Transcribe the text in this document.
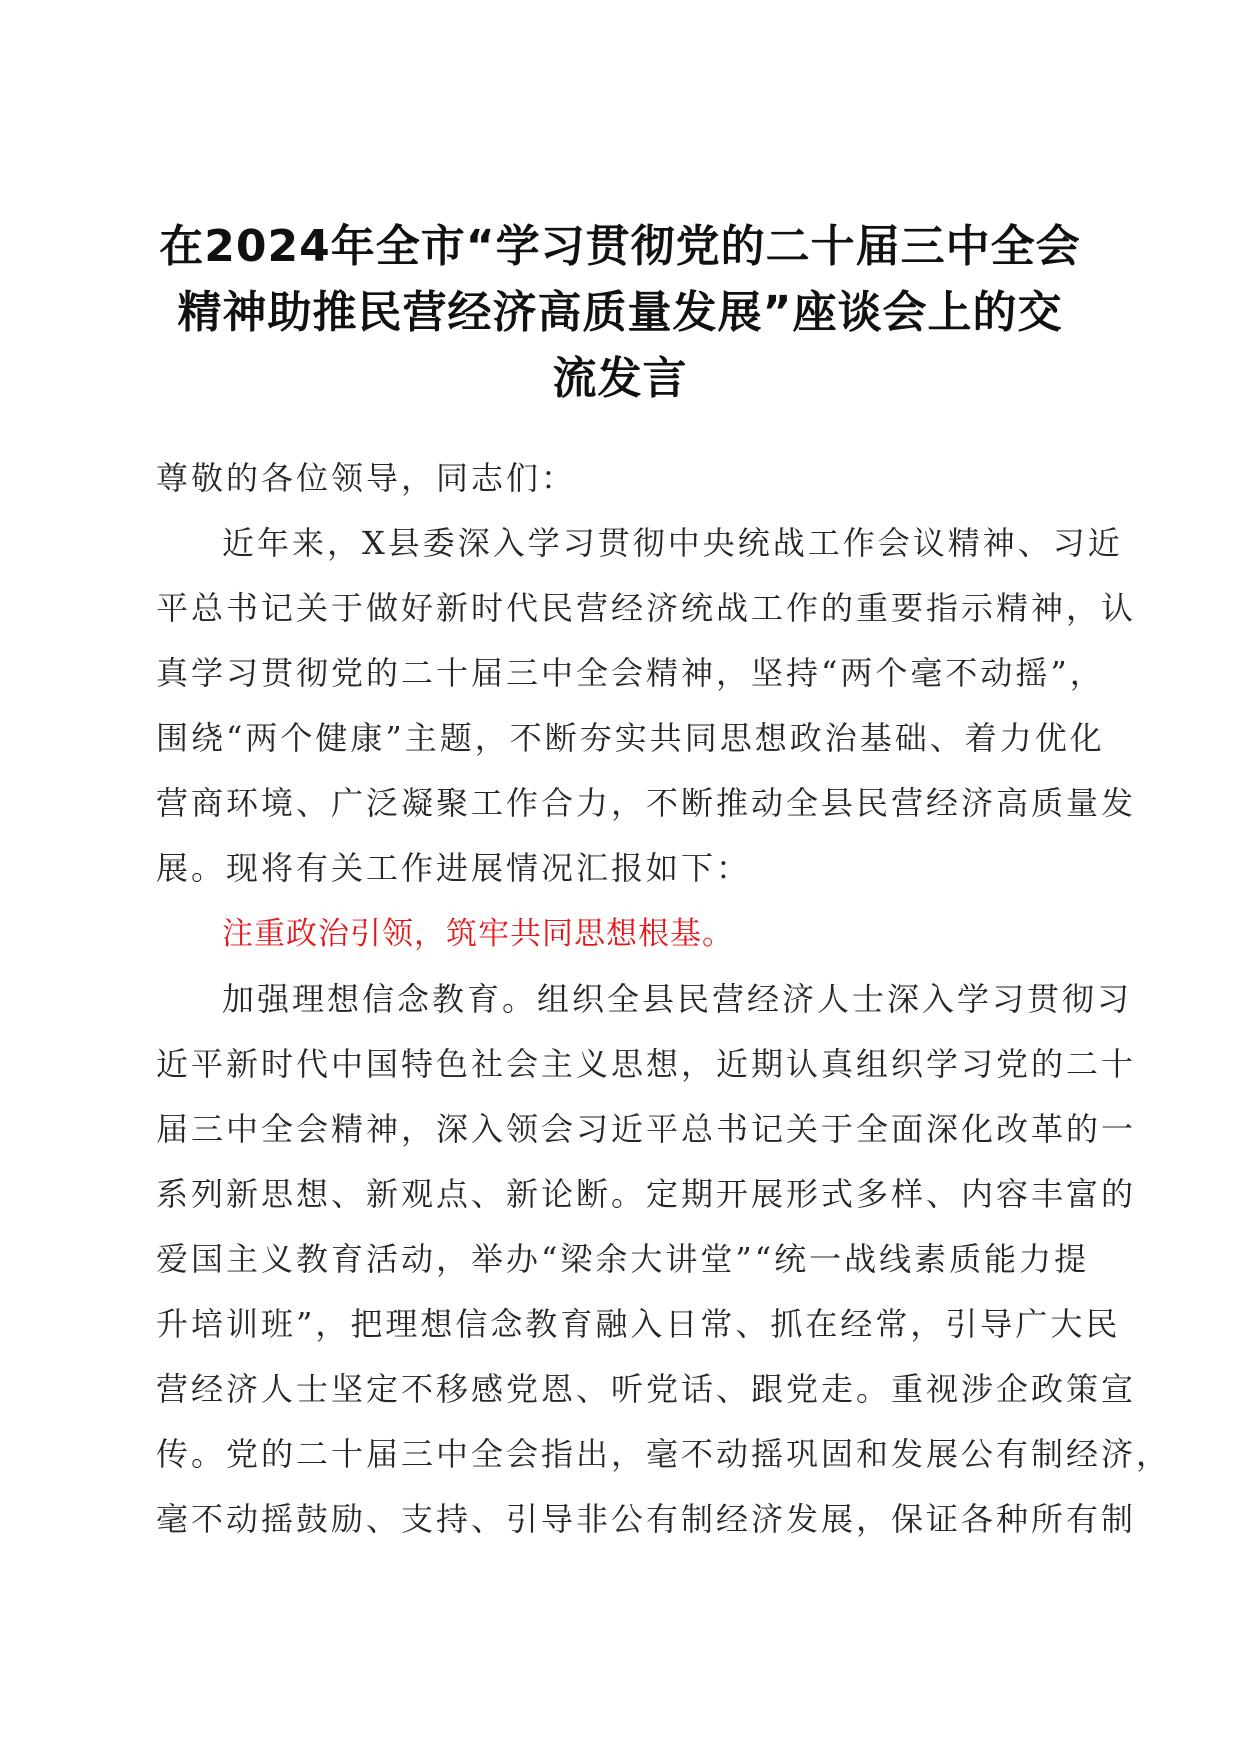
在2024年全市“学习贯彻党的二十届三中全会
精神助推民营经济高质量发展”座谈会上的交
流发言
尊敬的各位领导，同志们：
近年来，X县委深入学习贯彻中央统战工作会议精神、习近
平总书记关于做好新时代民营经济统战工作的重要指示精神，认
真学习贯彻党的二十届三中全会精神，坚持“两个毫不动摇”，
围绕“两个健康”主题，不断夯实共同思想政治基础、着力优化
营商环境、广泛凝聚工作合力，不断推动全县民营经济高质量发
展。现将有关工作进展情况汇报如下：
注重政治引领，筑牢共同思想根基。
加强理想信念教育。组织全县民营经济人士深入学习贯彻习
近平新时代中国特色社会主义思想，近期认真组织学习党的二十
届三中全会精神，深入领会习近平总书记关于全面深化改革的一
系列新思想、新观点、新论断。定期开展形式多样、内容丰富的
爱国主义教育活动，举办“梁余大讲堂”“统一战线素质能力提
升培训班”，把理想信念教育融入日常、抓在经常，引导广大民
营经济人士坚定不移感党恩、听党话、跟党走。重视涉企政策宣
传。党的二十届三中全会指出，毫不动摇巩固和发展公有制经济，
毫不动摇鼓励、支持、引导非公有制经济发展，保证各种所有制
